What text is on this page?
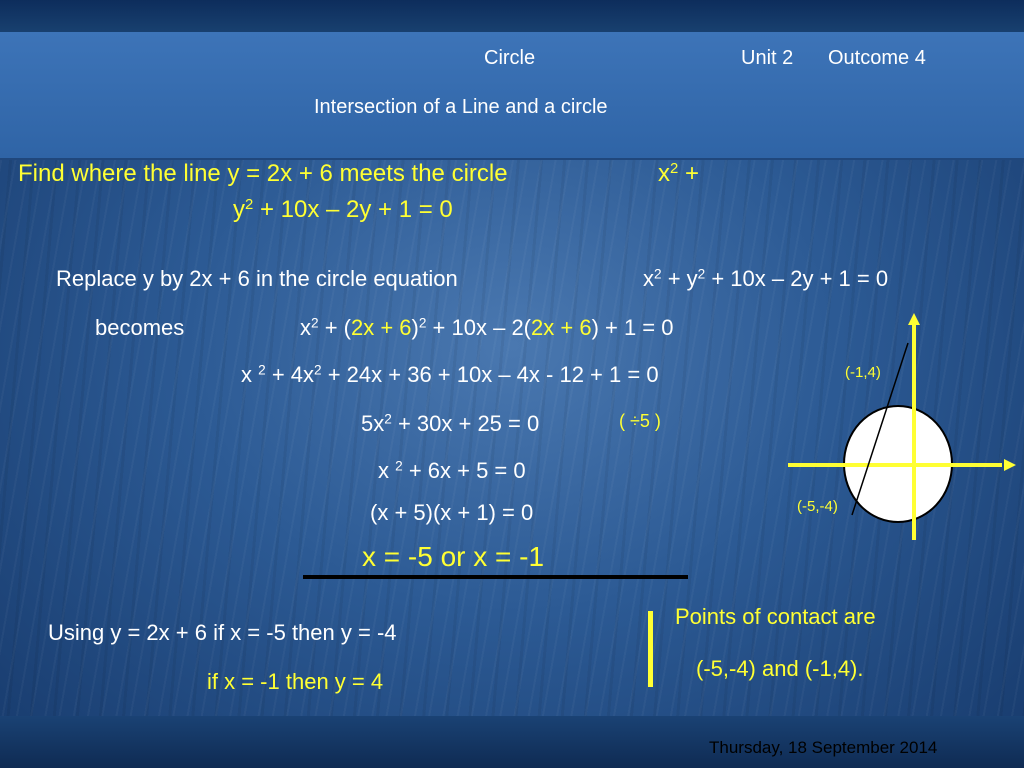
Circle	Unit 2 Outcome 4
Intersection of a Line and a circle
Find where the line y = 2x + 6 meets the circle	$x^2$ +
$y^2 + 10x - 2y + 1 = 0$
Replace y by 2x + 6 in the circle equation	$x^2 + y^2 + 10x - 2y + 1 = 0$
becomes	$x^2 + (2x + 6)^2 + 10x - 2(2x + 6) + 1 = 0$
x $^2 + 4x^2 + 24x + 36 + 10x - 4x - 12 + 1 = 0$
$5x^2 + 30x + 25 = 0$	( ÷5 )
x $^2$ + 6x + 5 = 0
(x + 5)(x + 1) = 0
x = -5 or x = -1
Using y = 2x + 6 if x = -5 then y = -4
if x = -1 then y = 4
Points of contact are
(-5,-4) and (-1,4).
(-1,4)
(-5,-4)
Thursday, 18 September 2014
